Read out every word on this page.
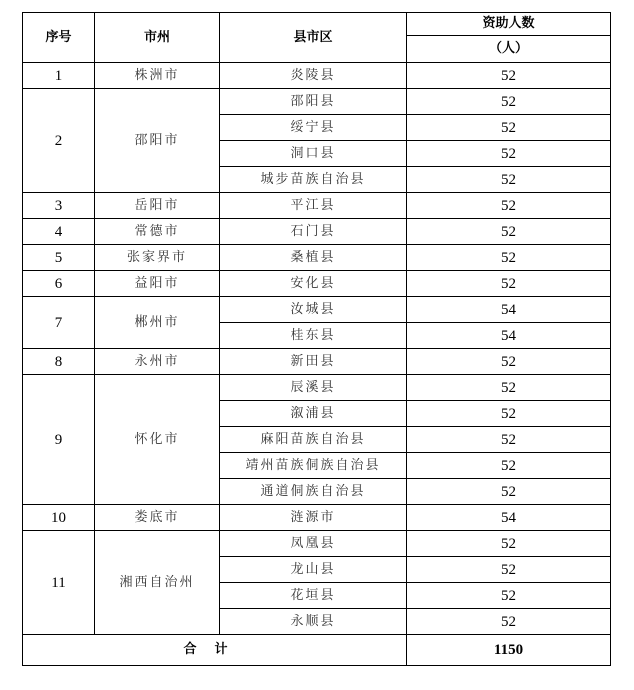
序号	市州	县市区	资助人数
			（人）
1	株洲市	炎陵县	52
2	邵阳市	邵阳县	52
		绥宁县	52
		洞口县	52
		城步苗族自治县	52
3	岳阳市	平江县	52
4	常德市	石门县	52
5	张家界市	桑植县	52
6	益阳市	安化县	52
7	郴州市	汝城县	54
		桂东县	54
8	永州市	新田县	52
9	怀化市	辰溪县	52
		溆浦县	52
		麻阳苗族自治县	52
		靖州苗族侗族自治县	52
		通道侗族自治县	52
10	娄底市	涟源市	54
11	湘西自治州	凤凰县	52
		龙山县	52
		花垣县	52
		永顺县	52
合计			1150
